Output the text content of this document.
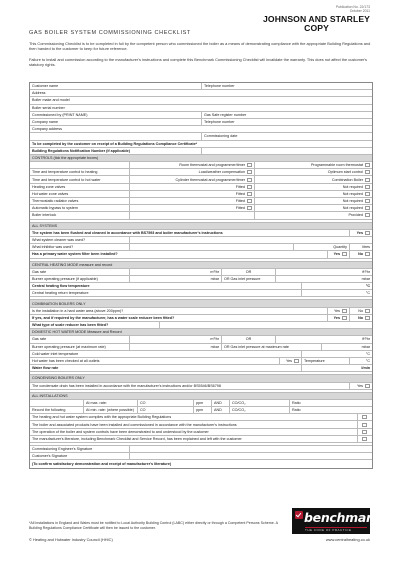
Publication No. 22/173
October 2011
JOHNSON AND STARLEY
COPY
GAS BOILER SYSTEM COMMISSIONING CHECKLIST
This Commissioning Checklist is to be completed in full by the competent person who commissioned the boiler as a means of demonstrating compliance with the appropriate Building Regulations and then handed to the customer to keep for future reference.
Failure to install and commission according to the manufacturer's instructions and complete this Benchmark Commissioning Checklist will invalidate the warranty. This does not affect the customer's statutory rights.
Customer name	Telephone number
Address
Boiler make and model
Boiler serial number
Commissioned by (PRINT NAME)	Gas Safe register number
Company name	Telephone number
Company address
Commissioning date
To be completed by the customer on receipt of a Building Regulations Compliance Certificate*
Building Regulations Notification Number (if applicable)
CONTROLS (tick the appropriate boxes)
Room thermostat and programmer/timer	Programmable room thermostat
Time and temperature control to heating	Load/weather compensation	Optimum start control
Time and temperature control to hot water	Cylinder thermostat and programmer/timer	Combination Boiler
Heating zone valves	Fitted	Not required
Hot water zone valves	Fitted	Not required
Thermostatic radiator valves	Fitted	Not required
Automatic bypass to system	Fitted	Not required
Boiler interlock	Provided
ALL SYSTEMS
The system has been flushed and cleaned in accordance with BS7593 and boiler manufacturer's instructions	Yes
What system cleaner was used?
What inhibitor was used?	Quantity	litres
Has a primary water system filter been installed?	Yes	No
CENTRAL HEATING MODE measure and record
Gas rate	m³/hr	OR	ft³/hr
Burner operating pressure (if applicable)	mbar OR Gas inlet pressure	mbar
Central heating flow temperature	°C
Central heating return temperature	°C
COMBINATION BOILERS ONLY
Is the installation in a hard water area (above 200ppm)?	Yes	No
If yes, and if required by the manufacturer, has a water scale reducer been fitted?	Yes	No
What type of scale reducer has been fitted?
DOMESTIC HOT WATER MODE Measure and Record
Gas rate	m³/hr	OR	ft³/hr
Burner operating pressure (at maximum rate)	mbar OR Gas inlet pressure at maximum rate	mbar
Cold water inlet temperature	°C
Hot water has been checked at all outlets	Yes	Temperature	°C
Water flow rate	l/min
CONDENSING BOILERS ONLY
The condensate drain has been installed in accordance with the manufacturer's instructions and/or BS5546/BS6798	Yes
ALL INSTALLATIONS
At max. rate:	CO	ppm	AND	CO/CO₂	Ratio
Record the following	At min. rate: (where possible) CO	ppm	AND	CO/CO₂	Ratio
The heating and hot water system complies with the appropriate Building Regulations
The boiler and associated products have been installed and commissioned in accordance with the manufacturer's instructions
The operation of the boiler and system controls have been demonstrated to and understood by the customer
The manufacturer's literature, including Benchmark Checklist and Service Record, has been explained and left with the customer
Commissioning Engineer's Signature
Customer's Signature
(To confirm satisfactory demonstration and receipt of manufacturer's literature)
*All installations in England and Wales must be notified to Local Authority Building Control (LABC) either directly or through a Competent Persons Scheme. A Building Regulations Compliance Certificate will then be issued to the customer.
© Heating and Hotwater Industry Council (HHIC)	www.centralheating.co.uk
benchmark
THE CODE OF PRACTICE
